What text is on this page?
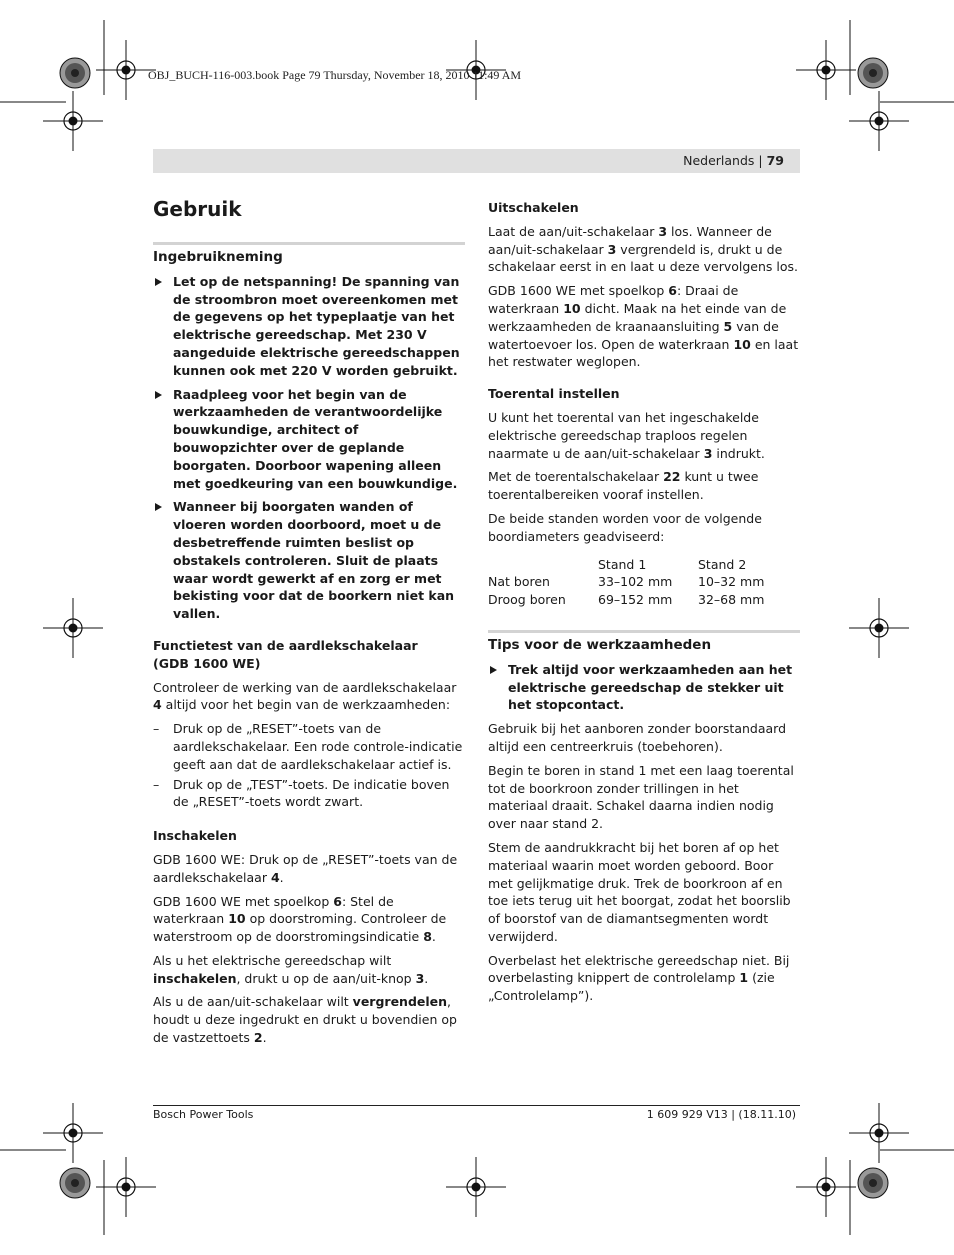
OBJ_BUCH-116-003.book Page 79 Thursday, November 18, 2010 11:49 AM
Nederlands | 79
Gebruik
Ingebruikneming
Let op de netspanning! De spanning van de stroombron moet overeenkomen met de gegevens op het typeplaatje van het elektrische gereedschap. Met 230 V aangeduide elektrische gereedschappen kunnen ook met 220 V worden gebruikt.
Raadpleeg voor het begin van de werkzaamheden de verantwoordelijke bouwkundige, architect of bouwopzichter over de geplande boorgaten. Doorboor wapening alleen met goedkeuring van een bouwkundige.
Wanneer bij boorgaten wanden of vloeren worden doorboord, moet u de desbetreffende ruimten beslist op obstakels controleren. Sluit de plaats waar wordt gewerkt af en zorg er met bekisting voor dat de boorkern niet kan vallen.
Functietest van de aardlekschakelaar
(GDB 1600 WE)

Controleer de werking van de aardlekschakelaar 4 altijd voor het begin van de werkzaamheden:

– Druk op de „RESET”-toets van de aardlekschakelaar. Een rode controle-indicatie geeft aan dat de aardlekschakelaar actief is.
– Druk op de „TEST”-toets. De indicatie boven de „RESET”-toets wordt zwart.
Inschakelen

GDB 1600 WE: Druk op de „RESET”-toets van de aardlekschakelaar 4.

GDB 1600 WE met spoelkop 6: Stel de waterkraan 10 op doorstroming. Controleer de waterstroom op de doorstromingsindicatie 8.

Als u het elektrische gereedschap wilt inschakelen, drukt u op de aan/uit-knop 3.

Als u de aan/uit-schakelaar wilt vergrendelen, houdt u deze ingedrukt en drukt u bovendien op de vastzettoets 2.

Uitschakelen

Laat de aan/uit-schakelaar 3 los. Wanneer de aan/uit-schakelaar 3 vergrendeld is, drukt u de schakelaar eerst in en laat u deze vervolgens los.

GDB 1600 WE met spoelkop 6: Draai de waterkraan 10 dicht. Maak na het einde van de werkzaamheden de kraanaansluiting 5 van de watertoevoer los. Open de waterkraan 10 en laat het restwater weglopen.

Toerental instellen

U kunt het toerental van het ingeschakelde elektrische gereedschap traploos regelen naarmate u de aan/uit-schakelaar 3 indrukt.

Met de toerentalschakelaar 22 kunt u twee toerentalbereiken vooraf instellen.

De beide standen worden voor de volgende boordiameters geadviseerd:

	Stand 1	Stand 2
Nat boren	33–102 mm	10–32 mm
Droog boren	69–152 mm	32–68 mm
Tips voor de werkzaamheden
Trek altijd voor werkzaamheden aan het elektrische gereedschap de stekker uit het stopcontact.

Gebruik bij het aanboren zonder boorstandaard altijd een centreerkruis (toebehoren).

Begin te boren in stand 1 met een laag toerental tot de boorkroon zonder trillingen in het materiaal draait. Schakel daarna indien nodig over naar stand 2.

Stem de aandrukkracht bij het boren af op het materiaal waarin moet worden geboord. Boor met gelijkmatige druk. Trek de boorkroon af en toe iets terug uit het boorgat, zodat het boorslib of boorstof van de diamantsegmenten wordt verwijderd.

Overbelast het elektrische gereedschap niet. Bij overbelasting knippert de controlelamp 1 (zie „Controlelamp”).

Bosch Power Tools	1 609 929 V13 | (18.11.10)
